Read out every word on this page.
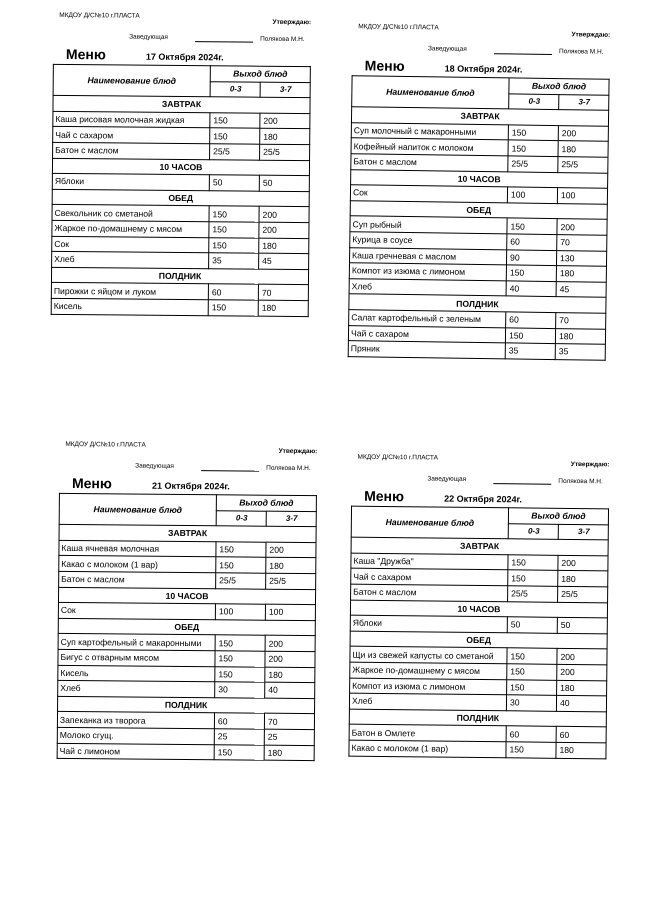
МКДОУ Д/С№10 г.ПЛАСТА
Утверждаю:
Заведующая	Полякова М.Н.
Меню	17 Октября 2024г.
Наименование блюд	Выход блюд	
	0-3	3-7
ЗАВТРАК		
Каша рисовая молочная жидкая	150	200
Чай с сахаром	150	180
Батон с маслом	25/5	25/5
10 ЧАСОВ		
Яблоки	50	50
ОБЕД		
Свекольник со сметаной	150	200
Жаркое по-домашнему с мясом	150	200
Сок	150	180
Хлеб	35	45
ПОЛДНИК		
Пирожки с яйцом и луком	60	70
Кисель	150	180
МКДОУ Д/С№10 г.ПЛАСТА
Утверждаю:
Заведующая	Полякова М.Н.
Меню	18 Октября 2024г.
Наименование блюд	Выход блюд	
	0-3	3-7
ЗАВТРАК		
Суп молочный с макаронными	150	200
Кофейный напиток с молоком	150	180
Батон с маслом	25/5	25/5
10 ЧАСОВ		
Сок	100	100
ОБЕД		
Суп рыбный	150	200
Курица в соусе	60	70
Каша гречневая с маслом	90	130
Компот из изюма с лимоном	150	180
Хлеб	40	45
ПОЛДНИК		
Салат картофельный с зеленым	60	70
Чай с сахаром	150	180
Пряник	35	35
МКДОУ Д/С№10 г.ПЛАСТА
Утверждаю:
Заведующая	Полякова М.Н.
Меню	21 Октября 2024г.
Наименование блюд	Выход блюд	
	0-3	3-7
ЗАВТРАК		
Каша ячневая молочная	150	200
Какао с молоком (1 вар)	150	180
Батон с маслом	25/5	25/5
10 ЧАСОВ		
Сок	100	100
ОБЕД		
Суп картофельный с макаронными	150	200
Бигус с отварным мясом	150	200
Кисель	150	180
Хлеб	30	40
ПОЛДНИК		
Запеканка из творога	60	70
Молоко сгущ.	25	25
Чай с лимоном	150	180
МКДОУ Д/С№10 г.ПЛАСТА
Утверждаю:
Заведующая	Полякова М.Н.
Меню	22 Октября 2024г.
Наименование блюд	Выход блюд	
	0-3	3-7
ЗАВТРАК		
Каша "Дружба"	150	200
Чай с сахаром	150	180
Батон с маслом	25/5	25/5
10 ЧАСОВ		
Яблоки	50	50
ОБЕД		
Щи из свежей капусты со сметаной	150	200
Жаркое по-домашнему с мясом	150	200
Компот из изюма с лимоном	150	180
Хлеб	30	40
ПОЛДНИК		
Батон в Омлете	60	60
Какао с молоком (1 вар)	150	180
